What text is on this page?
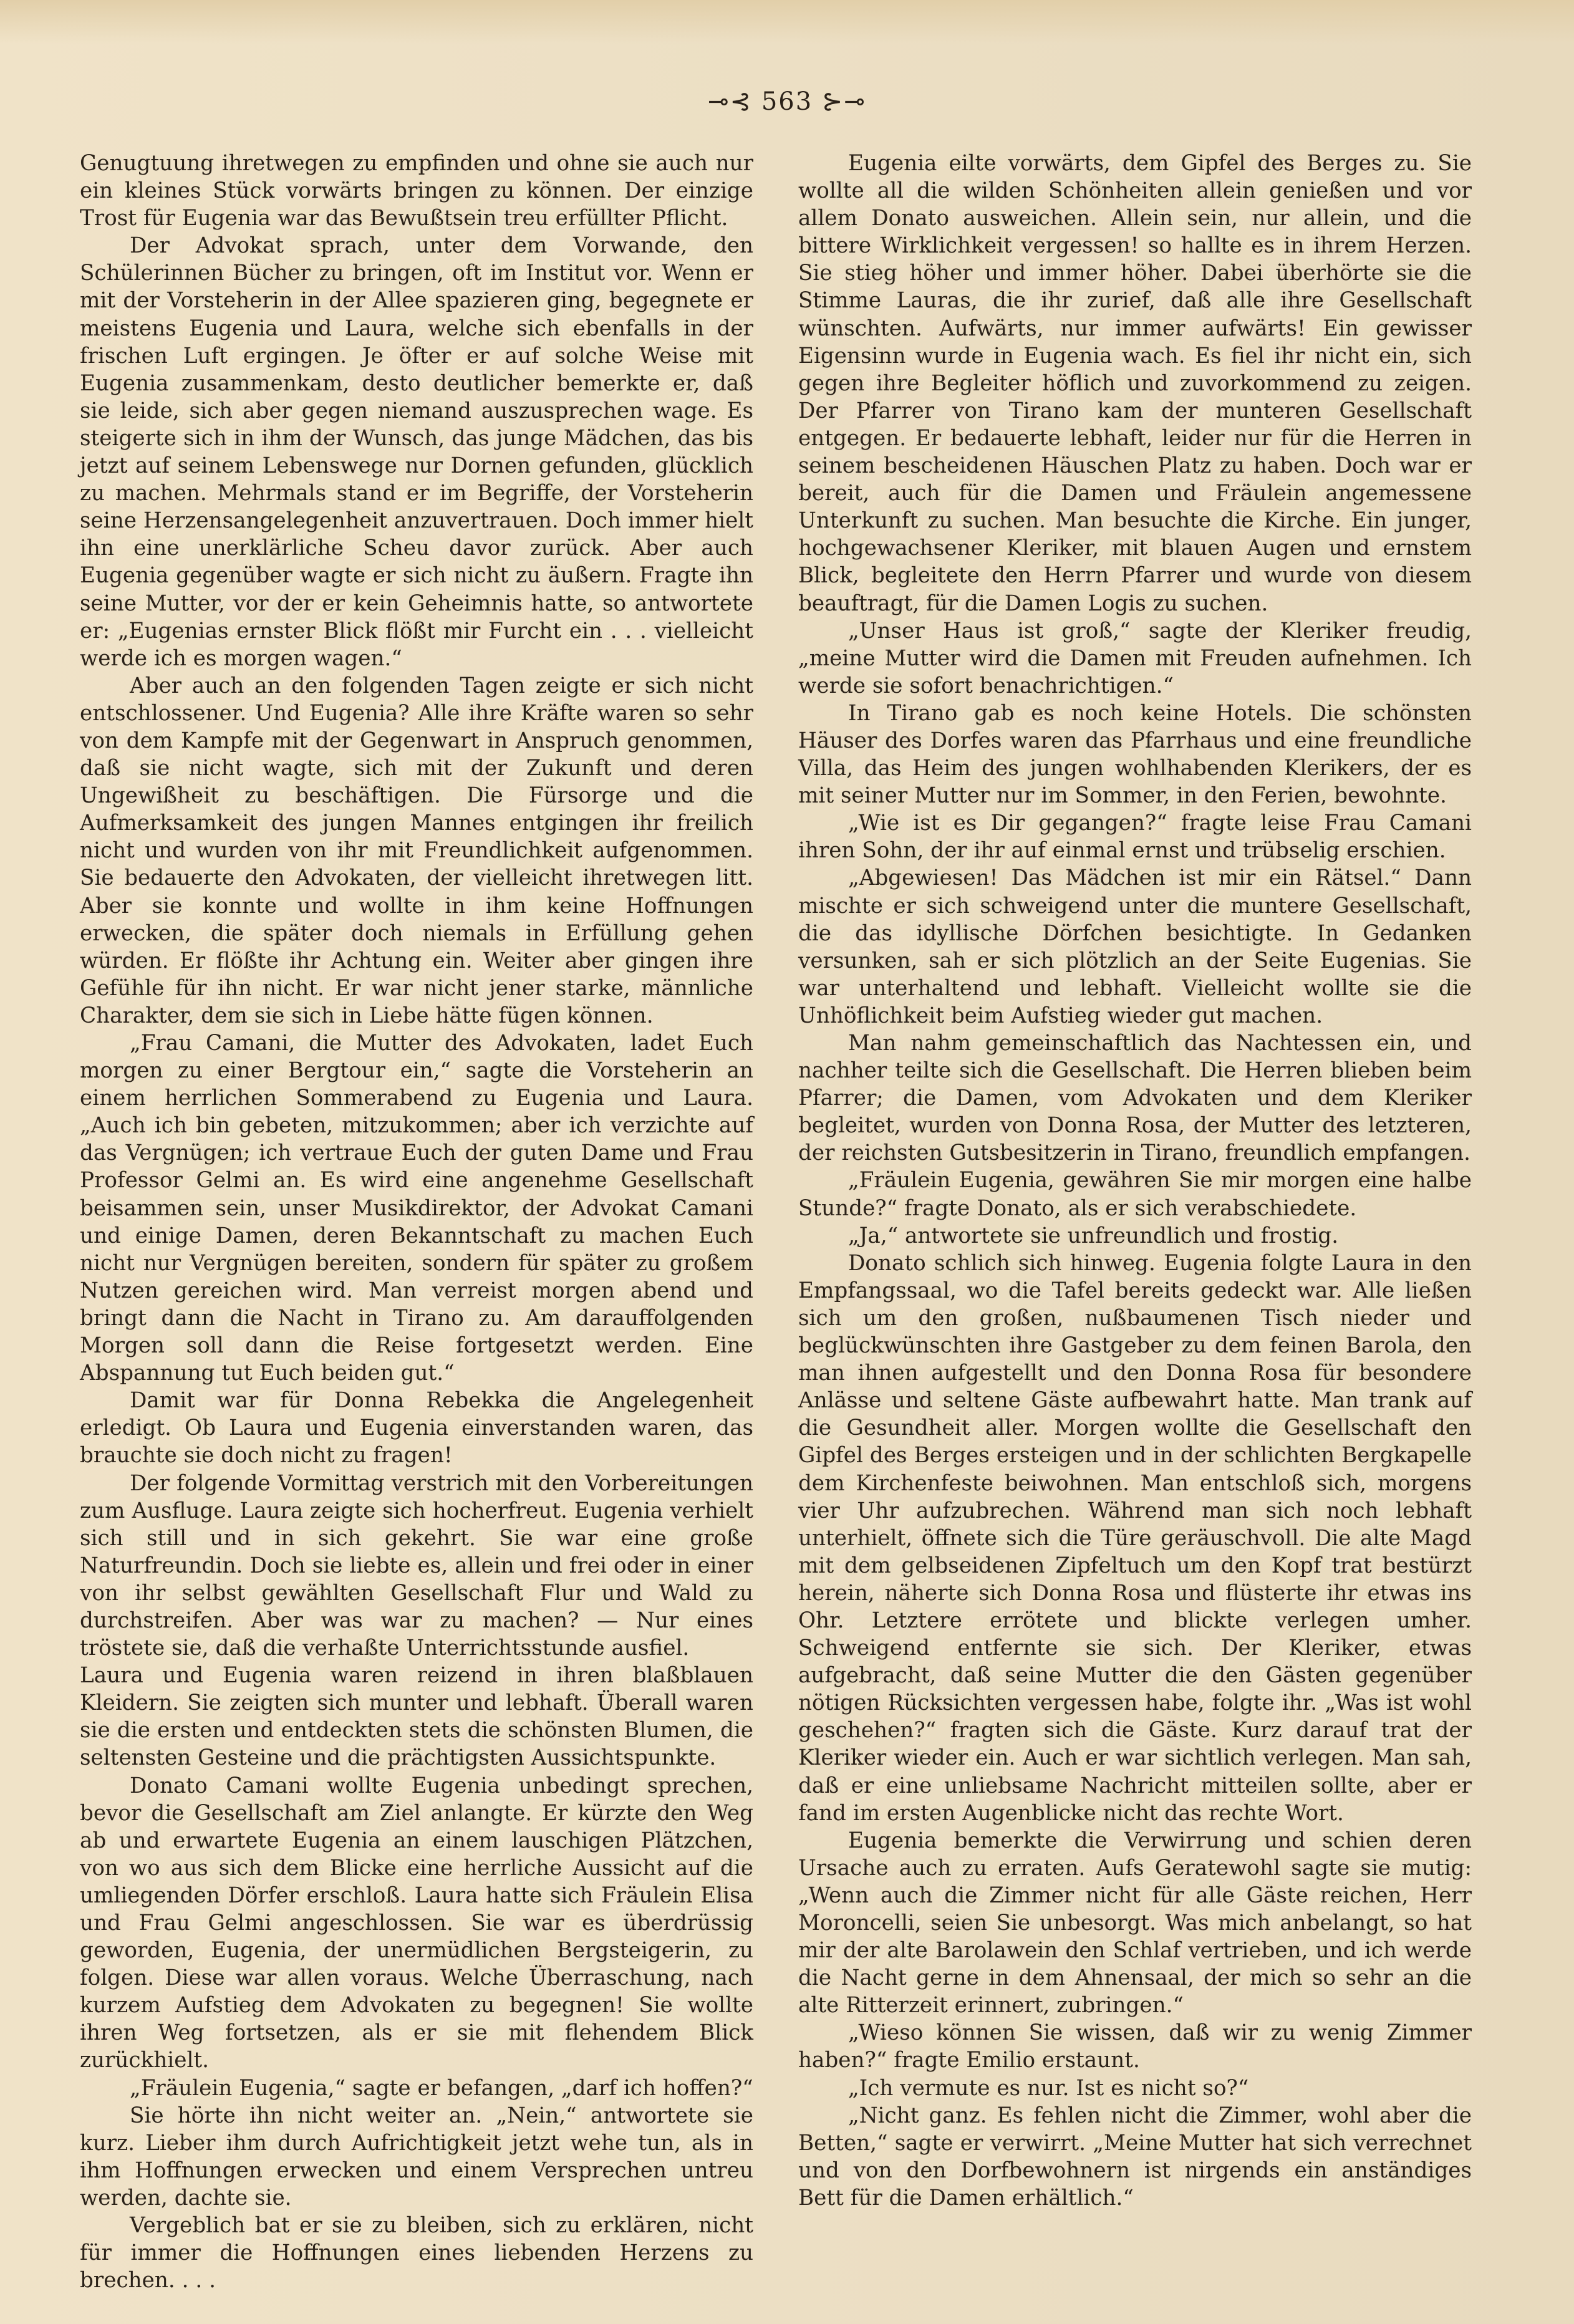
⊸⊰ 563 ⊱⊸

Genugtuung ihretwegen zu empfinden und ohne sie auch nur ein kleines Stück vorwärts bringen zu können. Der einzige Trost für Eugenia war das Bewußtsein treu erfüllter Pflicht.

Der Advokat sprach, unter dem Vorwande, den Schülerinnen Bücher zu bringen, oft im Institut vor. Wenn er mit der Vorsteherin in der Allee spazieren ging, begegnete er meistens Eugenia und Laura, welche sich ebenfalls in der frischen Luft ergingen. Je öfter er auf solche Weise mit Eugenia zusammenkam, desto deutlicher bemerkte er, daß sie leide, sich aber gegen niemand auszusprechen wage. Es steigerte sich in ihm der Wunsch, das junge Mädchen, das bis jetzt auf seinem Lebenswege nur Dornen gefunden, glücklich zu machen. Mehrmals stand er im Begriffe, der Vorsteherin seine Herzensangelegenheit anzuvertrauen. Doch immer hielt ihn eine unerklärliche Scheu davor zurück. Aber auch Eugenia gegenüber wagte er sich nicht zu äußern. Fragte ihn seine Mutter, vor der er kein Geheimnis hatte, so antwortete er: „Eugenias ernster Blick flößt mir Furcht ein . . . vielleicht werde ich es morgen wagen.“

Aber auch an den folgenden Tagen zeigte er sich nicht entschlossener. Und Eugenia? Alle ihre Kräfte waren so sehr von dem Kampfe mit der Gegenwart in Anspruch genommen, daß sie nicht wagte, sich mit der Zukunft und deren Ungewißheit zu beschäftigen. Die Fürsorge und die Aufmerksamkeit des jungen Mannes entgingen ihr freilich nicht und wurden von ihr mit Freundlichkeit aufgenommen. Sie bedauerte den Advokaten, der vielleicht ihretwegen litt. Aber sie konnte und wollte in ihm keine Hoffnungen erwecken, die später doch niemals in Erfüllung gehen würden. Er flößte ihr Achtung ein. Weiter aber gingen ihre Gefühle für ihn nicht. Er war nicht jener starke, männliche Charakter, dem sie sich in Liebe hätte fügen können.

„Frau Camani, die Mutter des Advokaten, ladet Euch morgen zu einer Bergtour ein,“ sagte die Vorsteherin an einem herrlichen Sommerabend zu Eugenia und Laura. „Auch ich bin gebeten, mitzukommen; aber ich verzichte auf das Vergnügen; ich vertraue Euch der guten Dame und Frau Professor Gelmi an. Es wird eine angenehme Gesellschaft beisammen sein, unser Musikdirektor, der Advokat Camani und einige Damen, deren Bekanntschaft zu machen Euch nicht nur Vergnügen bereiten, sondern für später zu großem Nutzen gereichen wird. Man verreist morgen abend und bringt dann die Nacht in Tirano zu. Am darauffolgenden Morgen soll dann die Reise fortgesetzt werden. Eine Abspannung tut Euch beiden gut.“

Damit war für Donna Rebekka die Angelegenheit erledigt. Ob Laura und Eugenia einverstanden waren, das brauchte sie doch nicht zu fragen!

Der folgende Vormittag verstrich mit den Vorbereitungen zum Ausfluge. Laura zeigte sich hocherfreut. Eugenia verhielt sich still und in sich gekehrt. Sie war eine große Naturfreundin. Doch sie liebte es, allein und frei oder in einer von ihr selbst gewählten Gesellschaft Flur und Wald zu durchstreifen. Aber was war zu machen? — Nur eines tröstete sie, daß die verhaßte Unterrichtsstunde ausfiel.

Laura und Eugenia waren reizend in ihren blaßblauen Kleidern. Sie zeigten sich munter und lebhaft. Überall waren sie die ersten und entdeckten stets die schönsten Blumen, die seltensten Gesteine und die prächtigsten Aussichtspunkte.

Donato Camani wollte Eugenia unbedingt sprechen, bevor die Gesellschaft am Ziel anlangte. Er kürzte den Weg ab und erwartete Eugenia an einem lauschigen Plätzchen, von wo aus sich dem Blicke eine herrliche Aussicht auf die umliegenden Dörfer erschloß. Laura hatte sich Fräulein Elisa und Frau Gelmi angeschlossen. Sie war es überdrüssig geworden, Eugenia, der unermüdlichen Bergsteigerin, zu folgen. Diese war allen voraus. Welche Überraschung, nach kurzem Aufstieg dem Advokaten zu begegnen! Sie wollte ihren Weg fortsetzen, als er sie mit flehendem Blick zurückhielt.

„Fräulein Eugenia,“ sagte er befangen, „darf ich hoffen?“

Sie hörte ihn nicht weiter an. „Nein,“ antwortete sie kurz. Lieber ihm durch Aufrichtigkeit jetzt wehe tun, als in ihm Hoffnungen erwecken und einem Versprechen untreu werden, dachte sie.

Vergeblich bat er sie zu bleiben, sich zu erklären, nicht für immer die Hoffnungen eines liebenden Herzens zu brechen. . . .

Eugenia eilte vorwärts, dem Gipfel des Berges zu. Sie wollte all die wilden Schönheiten allein genießen und vor allem Donato ausweichen. Allein sein, nur allein, und die bittere Wirklichkeit vergessen! so hallte es in ihrem Herzen. Sie stieg höher und immer höher. Dabei überhörte sie die Stimme Lauras, die ihr zurief, daß alle ihre Gesellschaft wünschten. Aufwärts, nur immer aufwärts! Ein gewisser Eigensinn wurde in Eugenia wach. Es fiel ihr nicht ein, sich gegen ihre Begleiter höflich und zuvorkommend zu zeigen. Der Pfarrer von Tirano kam der munteren Gesellschaft entgegen. Er bedauerte lebhaft, leider nur für die Herren in seinem bescheidenen Häuschen Platz zu haben. Doch war er bereit, auch für die Damen und Fräulein angemessene Unterkunft zu suchen. Man besuchte die Kirche. Ein junger, hochgewachsener Kleriker, mit blauen Augen und ernstem Blick, begleitete den Herrn Pfarrer und wurde von diesem beauftragt, für die Damen Logis zu suchen.

„Unser Haus ist groß,“ sagte der Kleriker freudig, „meine Mutter wird die Damen mit Freuden aufnehmen. Ich werde sie sofort benachrichtigen.“

In Tirano gab es noch keine Hotels. Die schönsten Häuser des Dorfes waren das Pfarrhaus und eine freundliche Villa, das Heim des jungen wohlhabenden Klerikers, der es mit seiner Mutter nur im Sommer, in den Ferien, bewohnte.

„Wie ist es Dir gegangen?“ fragte leise Frau Camani ihren Sohn, der ihr auf einmal ernst und trübselig erschien.

„Abgewiesen! Das Mädchen ist mir ein Rätsel.“ Dann mischte er sich schweigend unter die muntere Gesellschaft, die das idyllische Dörfchen besichtigte. In Gedanken versunken, sah er sich plötzlich an der Seite Eugenias. Sie war unterhaltend und lebhaft. Vielleicht wollte sie die Unhöflichkeit beim Aufstieg wieder gut machen.

Man nahm gemeinschaftlich das Nachtessen ein, und nachher teilte sich die Gesellschaft. Die Herren blieben beim Pfarrer; die Damen, vom Advokaten und dem Kleriker begleitet, wurden von Donna Rosa, der Mutter des letzteren, der reichsten Gutsbesitzerin in Tirano, freundlich empfangen.

„Fräulein Eugenia, gewähren Sie mir morgen eine halbe Stunde?“ fragte Donato, als er sich verabschiedete.

„Ja,“ antwortete sie unfreundlich und frostig.

Donato schlich sich hinweg. Eugenia folgte Laura in den Empfangssaal, wo die Tafel bereits gedeckt war. Alle ließen sich um den großen, nußbaumenen Tisch nieder und beglückwünschten ihre Gastgeber zu dem feinen Barola, den man ihnen aufgestellt und den Donna Rosa für besondere Anlässe und seltene Gäste aufbewahrt hatte. Man trank auf die Gesundheit aller. Morgen wollte die Gesellschaft den Gipfel des Berges ersteigen und in der schlichten Bergkapelle dem Kirchenfeste beiwohnen. Man entschloß sich, morgens vier Uhr aufzubrechen. Während man sich noch lebhaft unterhielt, öffnete sich die Türe geräuschvoll. Die alte Magd mit dem gelbseidenen Zipfeltuch um den Kopf trat bestürzt herein, näherte sich Donna Rosa und flüsterte ihr etwas ins Ohr. Letztere errötete und blickte verlegen umher. Schweigend entfernte sie sich. Der Kleriker, etwas aufgebracht, daß seine Mutter die den Gästen gegenüber nötigen Rücksichten vergessen habe, folgte ihr. „Was ist wohl geschehen?“ fragten sich die Gäste. Kurz darauf trat der Kleriker wieder ein. Auch er war sichtlich verlegen. Man sah, daß er eine unliebsame Nachricht mitteilen sollte, aber er fand im ersten Augenblicke nicht das rechte Wort.

Eugenia bemerkte die Verwirrung und schien deren Ursache auch zu erraten. Aufs Geratewohl sagte sie mutig: „Wenn auch die Zimmer nicht für alle Gäste reichen, Herr Moroncelli, seien Sie unbesorgt. Was mich anbelangt, so hat mir der alte Barolawein den Schlaf vertrieben, und ich werde die Nacht gerne in dem Ahnensaal, der mich so sehr an die alte Ritterzeit erinnert, zubringen.“

„Wieso können Sie wissen, daß wir zu wenig Zimmer haben?“ fragte Emilio erstaunt.

„Ich vermute es nur. Ist es nicht so?“

„Nicht ganz. Es fehlen nicht die Zimmer, wohl aber die Betten,“ sagte er verwirrt. „Meine Mutter hat sich verrechnet und von den Dorfbewohnern ist nirgends ein anständiges Bett für die Damen erhältlich.“
